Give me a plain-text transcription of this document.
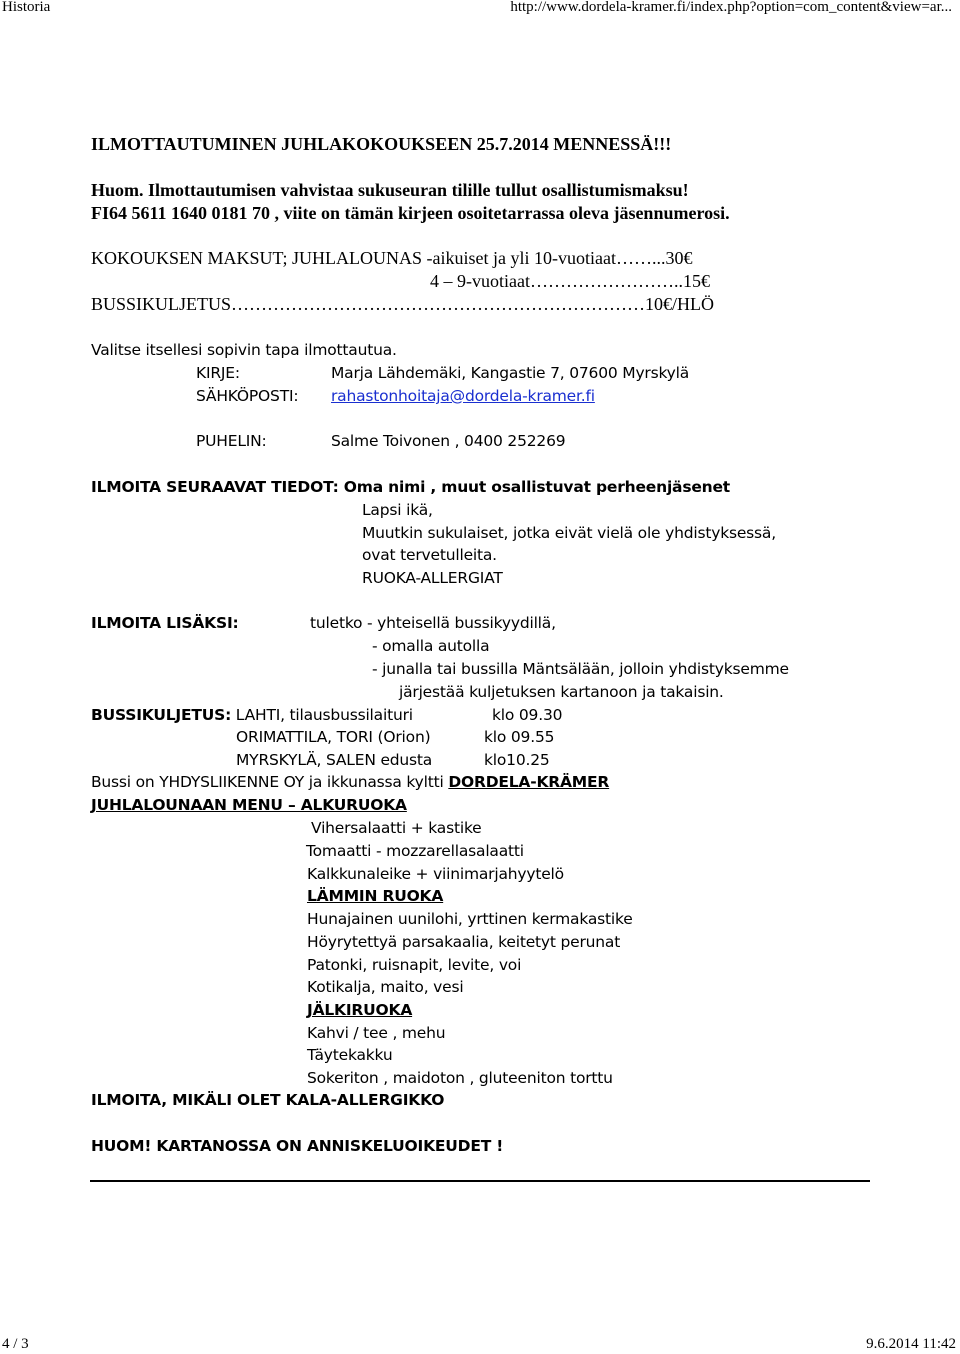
Historia	http://www.dordela-kramer.fi/index.php?option=com_content&view=ar...
ILMOTTAUTUMINEN JUHLAKOKOUKSEEN 25.7.2014 MENNESSÄ!!!
Huom. Ilmottautumisen vahvistaa sukuseuran tilille tullut osallistumismaksu!
FI64 5611 1640 0181 70 , viite on tämän kirjeen osoitetarrassa oleva jäsennumerosi.
KOKOUKSEN MAKSUT; JUHLALOUNAS -aikuiset ja yli 10-vuotiaat……...30€
4 – 9-vuotiaat……………………..15€
BUSSIKULJETUS……………………………………………………………10€/HLÖ
Valitse itsellesi sopivin tapa ilmottautua.
KIRJE:	Marja Lähdemäki, Kangastie 7, 07600 Myrskylä
SÄHKÖPOSTI: rahastonhoitaja@dordela-kramer.fi
PUHELIN:	Salme Toivonen , 0400 252269
ILMOITA SEURAAVAT TIEDOT: Oma nimi , muut osallistuvat perheenjäsenet
Lapsi ikä,
Muutkin sukulaiset, jotka eivät vielä ole yhdistyksessä,
ovat tervetulleita.
RUOKA-ALLERGIAT
ILMOITA LISÄKSI:	tuletko - yhteisellä bussikyydillä,
- omalla autolla
- junalla tai bussilla Mäntsälään, jolloin yhdistyksemme
järjestää kuljetuksen kartanoon ja takaisin.
BUSSIKULJETUS: LAHTI, tilausbussilaituri	klo 09.30
ORIMATTILA, TORI (Orion)	klo 09.55
MYRSKYLÄ, SALEN edusta	klo10.25
Bussi on YHDYSLIIKENNE OY ja ikkunassa kyltti DORDELA-KRÄMER
JUHLALOUNAAN MENU – ALKURUOKA
Vihersalaatti + kastike
Tomaatti - mozzarellasalaatti
Kalkkunaleike + viinimarjahyytelö
LÄMMIN RUOKA
Hunajainen uunilohi, yrttinen kermakastike
Höyrytettyä parsakaalia, keitetyt perunat
Patonki, ruisnapit, levite, voi
Kotikalja, maito, vesi
JÄLKIRUOKA
Kahvi / tee , mehu
Täytekakku
Sokeriton , maidoton , gluteeniton torttu
ILMOITA, MIKÄLI OLET KALA-ALLERGIKKO
HUOM! KARTANOSSA ON ANNISKELUOIKEUDET !
4 / 3	9.6.2014 11:42
